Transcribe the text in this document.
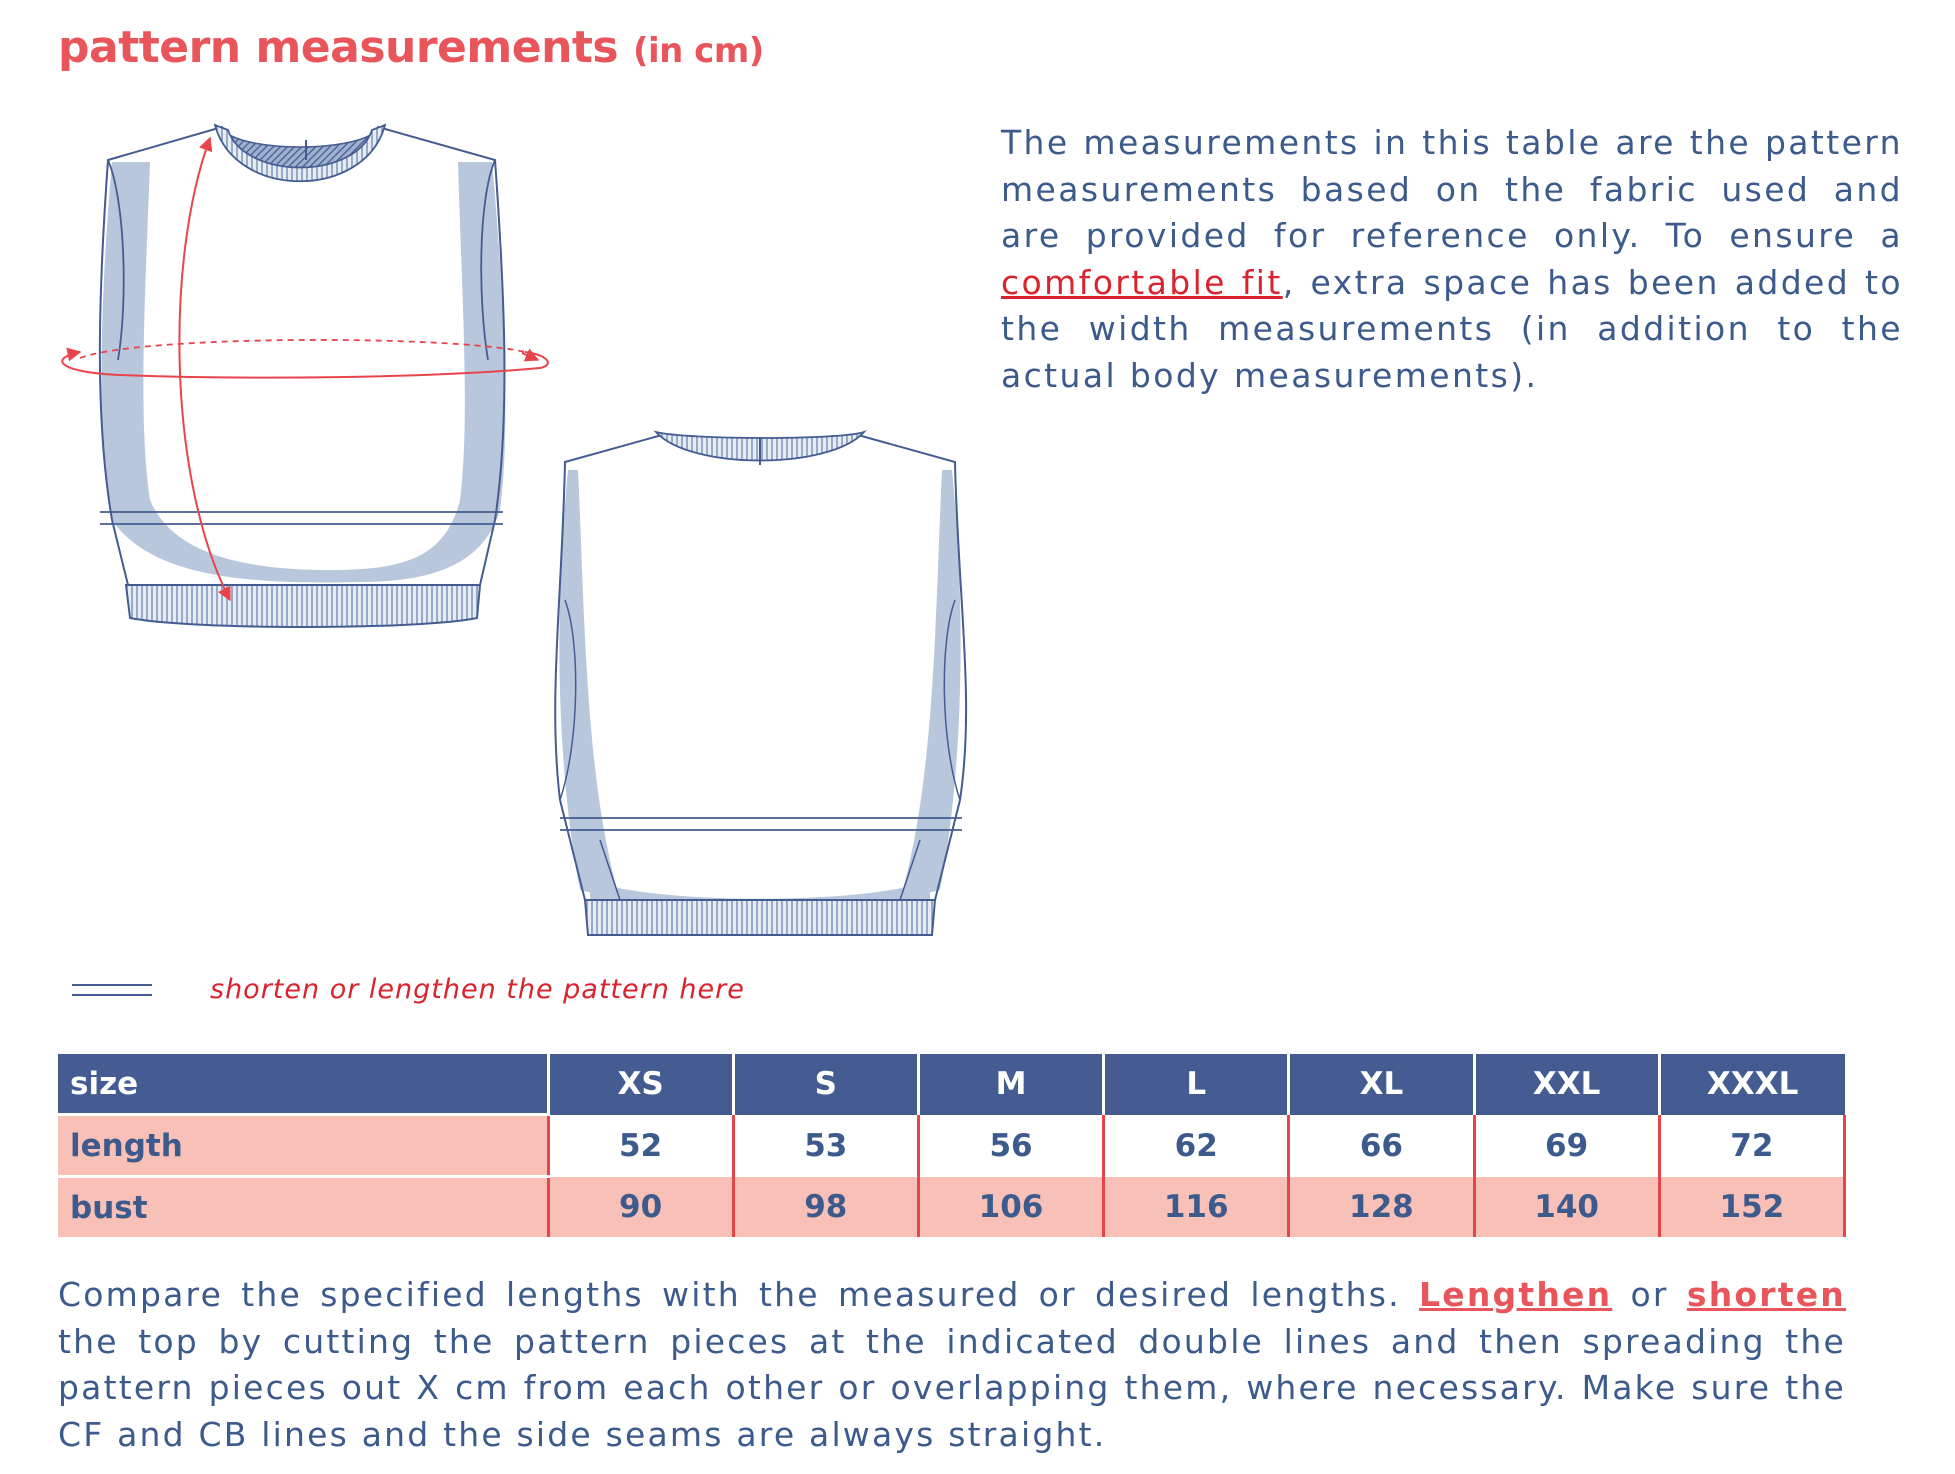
pattern measurements (in cm)

The measurements in this table are the pattern measurements based on the fabric used and are provided for reference only. To ensure a comfortable fit, extra space has been added to the width measurements (in addition to the actual body measurements).

shorten or lengthen the pattern here

size	XS	S	M	L	XL	XXL	XXXL
length	52	53	56	62	66	69	72
bust	90	98	106	116	128	140	152

Compare the specified lengths with the measured or desired lengths. Lengthen or shorten the top by cutting the pattern pieces at the indicated double lines and then spreading the pattern pieces out X cm from each other or overlapping them, where necessary. Make sure the CF and CB lines and the side seams are always straight.
